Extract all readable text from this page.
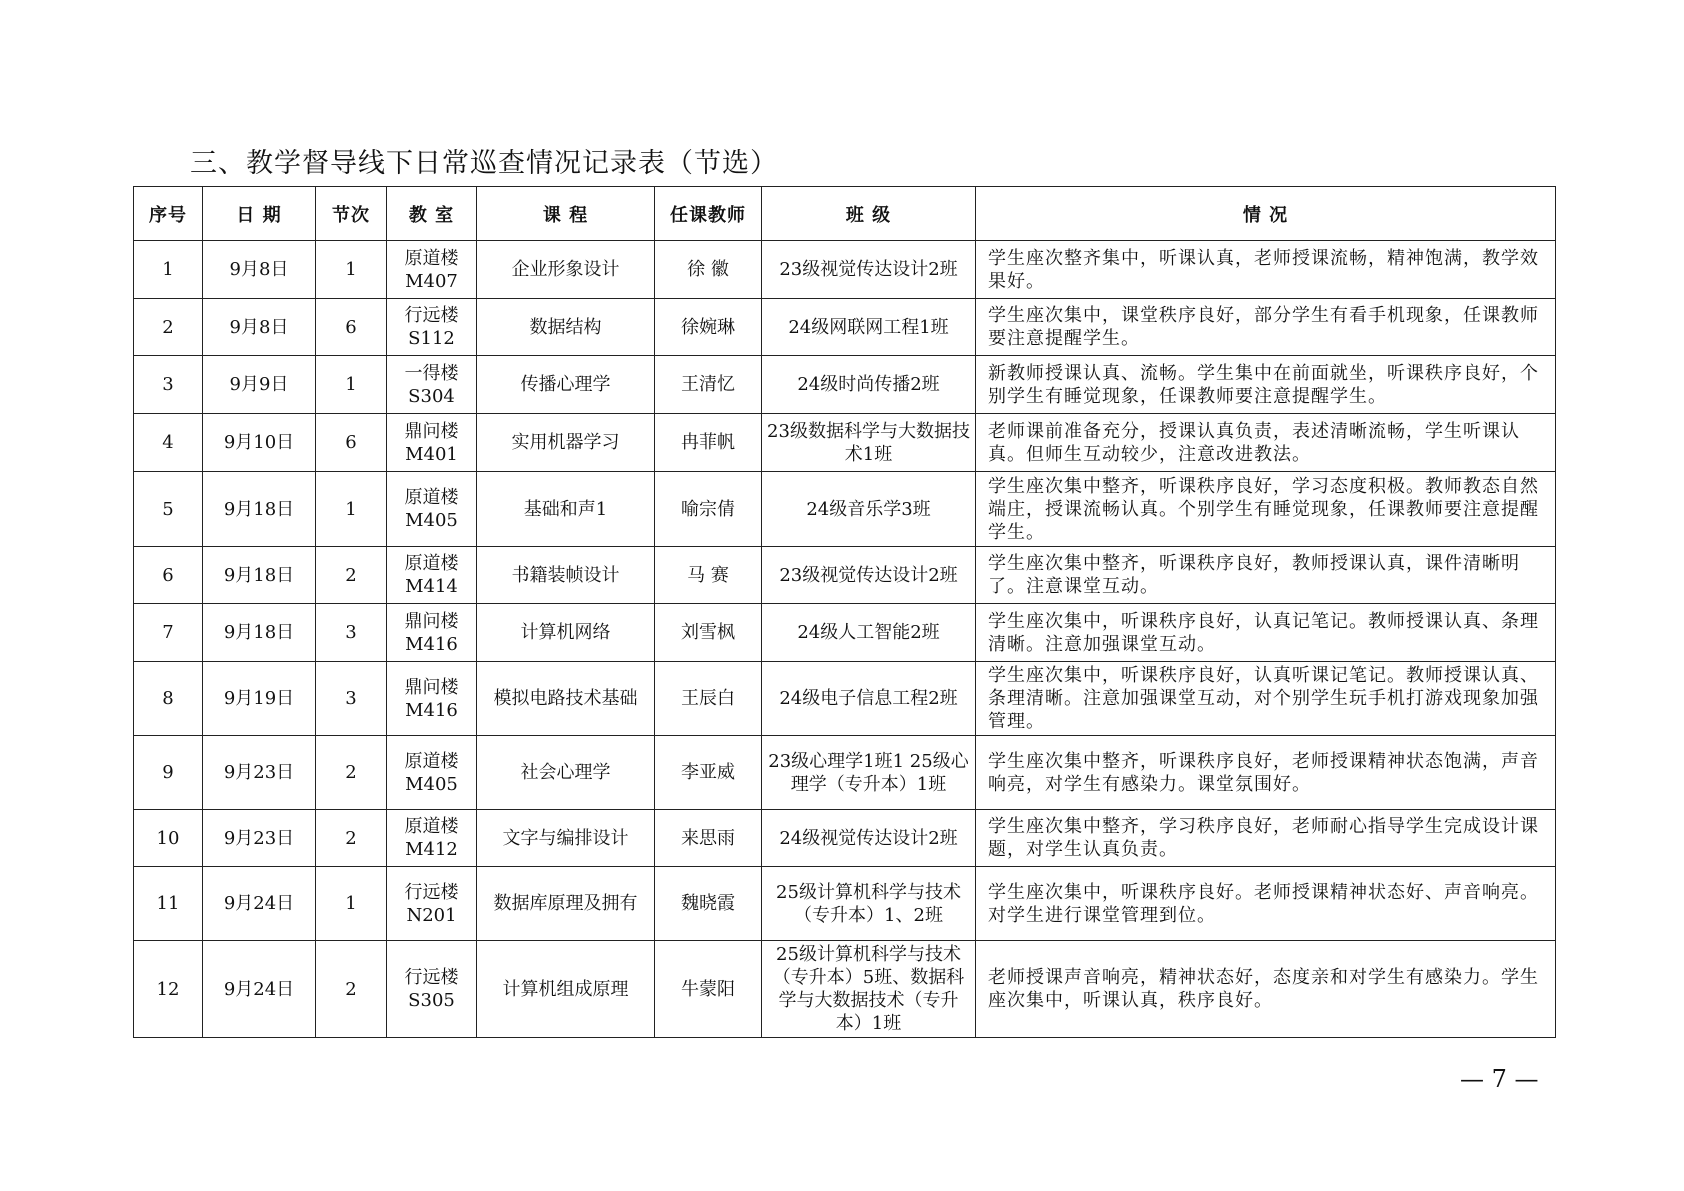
三、教学督导线下日常巡查情况记录表（节选）
序号	日 期	节次	教 室	课 程	任课教师	班 级	情 况
1	9月8日	1	原道楼M407	企业形象设计	徐 徽	23级视觉传达设计2班	学生座次整齐集中，听课认真，老师授课流畅，精神饱满，教学效果好。
2	9月8日	6	行远楼S112	数据结构	徐婉琳	24级网联网工程1班	学生座次集中，课堂秩序良好，部分学生有看手机现象，任课教师要注意提醒学生。
3	9月9日	1	一得楼S304	传播心理学	王清忆	24级时尚传播2班	新教师授课认真、流畅。学生集中在前面就坐，听课秩序良好，个别学生有睡觉现象，任课教师要注意提醒学生。
4	9月10日	6	鼎问楼M401	实用机器学习	冉菲帆	23级数据科学与大数据技术1班	老师课前准备充分，授课认真负责，表述清晰流畅，学生听课认真。但师生互动较少，注意改进教法。
5	9月18日	1	原道楼M405	基础和声1	喻宗倩	24级音乐学3班	学生座次集中整齐，听课秩序良好，学习态度积极。教师教态自然端庄，授课流畅认真。个别学生有睡觉现象，任课教师要注意提醒学生。
6	9月18日	2	原道楼M414	书籍装帧设计	马 赛	23级视觉传达设计2班	学生座次集中整齐，听课秩序良好，教师授课认真，课件清晰明了。注意课堂互动。
7	9月18日	3	鼎问楼M416	计算机网络	刘雪枫	24级人工智能2班	学生座次集中，听课秩序良好，认真记笔记。教师授课认真、条理清晰。注意加强课堂互动。
8	9月19日	3	鼎问楼M416	模拟电路技术基础	王辰白	24级电子信息工程2班	学生座次集中，听课秩序良好，认真听课记笔记。教师授课认真、条理清晰。注意加强课堂互动，对个别学生玩手机打游戏现象加强管理。
9	9月23日	2	原道楼M405	社会心理学	李亚威	23级心理学1班1 25级心理学（专升本）1班	学生座次集中整齐，听课秩序良好，老师授课精神状态饱满，声音响亮，对学生有感染力。课堂氛围好。
10	9月23日	2	原道楼M412	文字与编排设计	来思雨	24级视觉传达设计2班	学生座次集中整齐，学习秩序良好，老师耐心指导学生完成设计课题，对学生认真负责。
11	9月24日	1	行远楼N201	数据库原理及拥有	魏晓霞	25级计算机科学与技术（专升本）1、2班	学生座次集中，听课秩序良好。老师授课精神状态好、声音响亮。对学生进行课堂管理到位。
12	9月24日	2	行远楼S305	计算机组成原理	牛蒙阳	25级计算机科学与技术（专升本）5班、数据科学与大数据技术（专升本）1班	老师授课声音响亮，精神状态好，态度亲和对学生有感染力。学生座次集中，听课认真，秩序良好。
— 7 —
